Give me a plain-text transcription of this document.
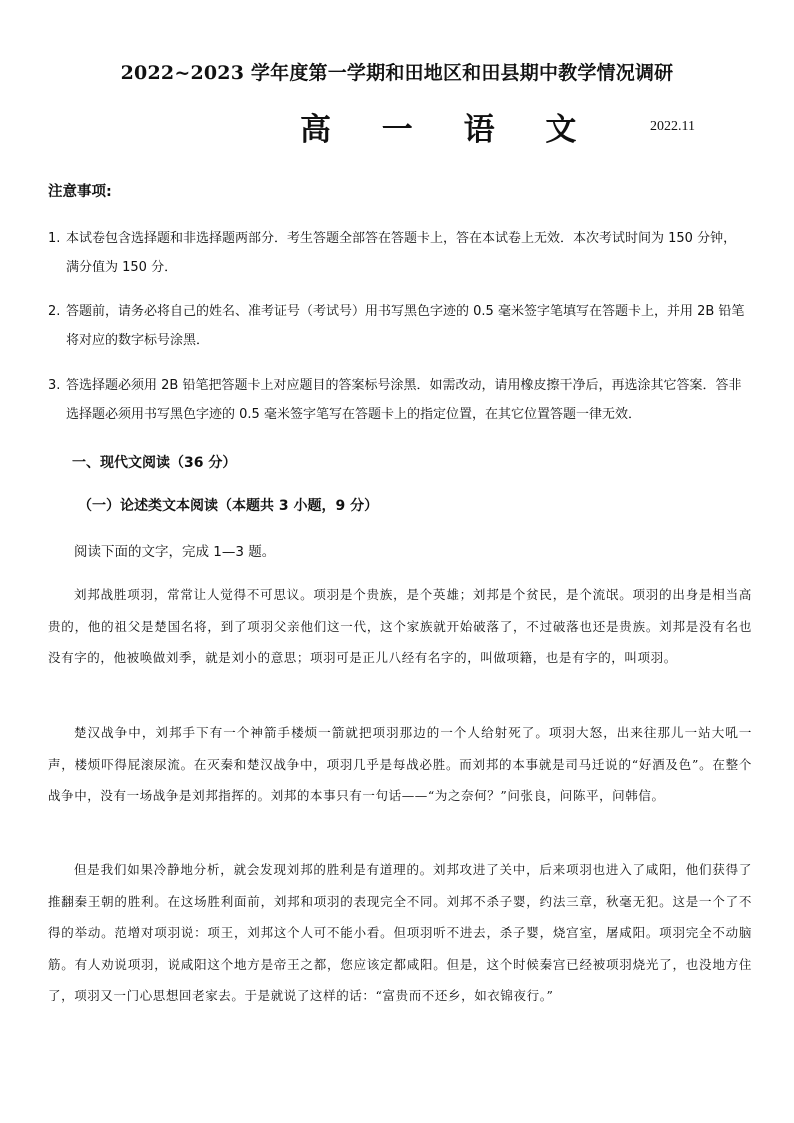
2022~2023 学年度第一学期和田地区和田县期中教学情况调研
高 一 语 文	2022.11
注意事项:
1. 本试卷包含选择题和非选择题两部分．考生答题全部答在答题卡上，答在本试卷上无效．本次考试时间为 150 分钟，满分值为 150 分．
2. 答题前，请务必将自己的姓名、准考证号（考试号）用书写黑色字迹的 0.5 毫米签字笔填写在答题卡上，并用 2B 铅笔将对应的数字标号涂黑．
3. 答选择题必须用 2B 铅笔把答题卡上对应题目的答案标号涂黑．如需改动，请用橡皮擦干净后，再选涂其它答案．答非选择题必须用书写黑色字迹的 0.5 毫米签字笔写在答题卡上的指定位置，在其它位置答题一律无效．
一、现代文阅读（36 分）
（一）论述类文本阅读（本题共 3 小题，9 分）
阅读下面的文字，完成 1—3 题。

刘邦战胜项羽，常常让人觉得不可思议。项羽是个贵族，是个英雄；刘邦是个贫民，是个流氓。项羽的出身是相当高贵的，他的祖父是楚国名将，到了项羽父亲他们这一代，这个家族就开始破落了，不过破落也还是贵族。刘邦是没有名也没有字的，他被唤做刘季，就是刘小的意思；项羽可是正儿八经有名字的，叫做项籍，也是有字的，叫项羽。

楚汉战争中，刘邦手下有一个神箭手楼烦一箭就把项羽那边的一个人给射死了。项羽大怒，出来往那儿一站大吼一声，楼烦吓得屁滚尿流。在灭秦和楚汉战争中，项羽几乎是每战必胜。而刘邦的本事就是司马迁说的“好酒及色”。在整个战争中，没有一场战争是刘邦指挥的。刘邦的本事只有一句话——“为之奈何？”问张良，问陈平，问韩信。

但是我们如果冷静地分析，就会发现刘邦的胜利是有道理的。刘邦攻进了关中，后来项羽也进入了咸阳，他们获得了推翻秦王朝的胜利。在这场胜利面前，刘邦和项羽的表现完全不同。刘邦不杀子婴，约法三章，秋毫无犯。这是一个了不得的举动。范增对项羽说：项王，刘邦这个人可不能小看。但项羽听不进去，杀子婴，烧宫室，屠咸阳。项羽完全不动脑筋。有人劝说项羽，说咸阳这个地方是帝王之都，您应该定都咸阳。但是，这个时候秦宫已经被项羽烧光了，也没地方住了，项羽又一门心思想回老家去。于是就说了这样的话：“富贵而不还乡，如衣锦夜行。”
